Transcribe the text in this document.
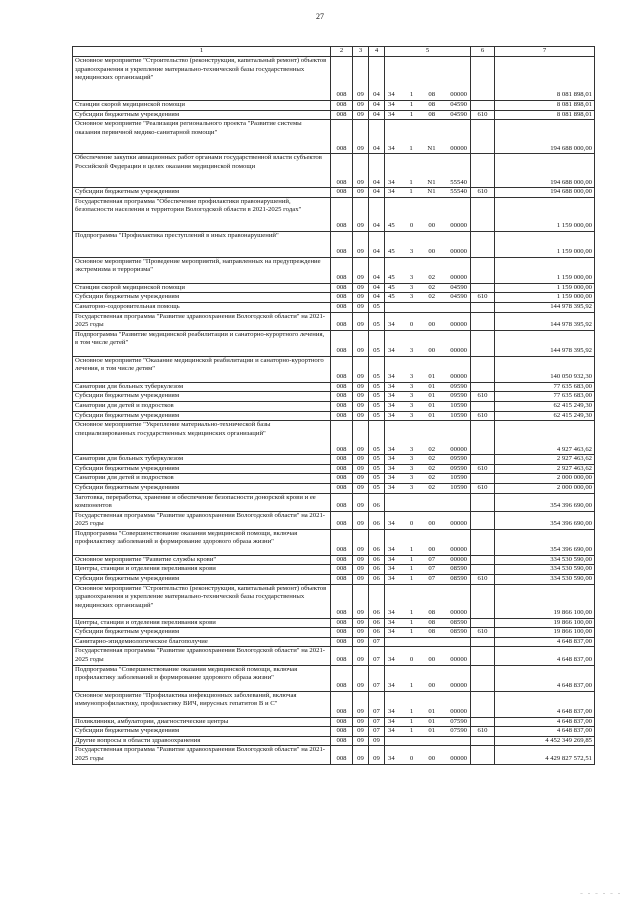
27
1	2	3	4	5	6	7
Основное мероприятие "Строительство (реконструкция, капитальный ремонт) объектов здравоохранения и укрепление материально-технической базы государственных медицинских организаций"	008	09	04	34 1 08 00000		8 081 898,01
Станции скорой медицинской помощи	008	09	04	34 1 08 04590		8 081 898,01
Субсидии бюджетным учреждениям	008	09	04	34 1 08 04590	610	8 081 898,01
Основное мероприятие "Реализация регионального проекта "Развитие системы оказания первичной медико-санитарной помощи"	008	09	04	34 1 N1 00000		194 688 000,00
Обеспечение закупки авиационных работ органами государственной власти субъектов Российской Федерации в целях оказания медицинской помощи	008	09	04	34 1 N1 55540		194 688 000,00
Субсидии бюджетным учреждениям	008	09	04	34 1 N1 55540	610	194 688 000,00
Государственная программа "Обеспечение профилактики правонарушений, безопасности населения и территории Вологодской области в 2021-2025 годах"	008	09	04	45 0 00 00000		1 159 000,00
Подпрограмма "Профилактика преступлений в иных правонарушений"	008	09	04	45 3 00 00000		1 159 000,00
Основное мероприятие "Проведение мероприятий, направленных на предупреждение экстремизма и терроризма"	008	09	04	45 3 02 00000		1 159 000,00
Станции скорой медицинской помощи	008	09	04	45 3 02 04590		1 159 000,00
Субсидии бюджетным учреждениям	008	09	04	45 3 02 04590	610	1 159 000,00
Санаторно-оздоровительная помощь	008	09	05			144 978 395,92
Государственная программа "Развитие здравоохранения Вологодской области" на 2021-2025 годы	008	09	05	34 0 00 00000		144 978 395,92
Подпрограмма "Развитие медицинской реабилитации и санаторно-курортного лечения, в том числе детей"	008	09	05	34 3 00 00000		144 978 395,92
Основное мероприятие "Оказание медицинской реабилитации и санаторно-курортного лечения, в том числе детям"	008	09	05	34 3 01 00000		140 050 932,30
Санатории для больных туберкулезом	008	09	05	34 3 01 09590		77 635 683,00
Субсидии бюджетным учреждениям	008	09	05	34 3 01 09590	610	77 635 683,00
Санатории для детей и подростков	008	09	05	34 3 01 10590		62 415 249,30
Субсидии бюджетным учреждениям	008	09	05	34 3 01 10590	610	62 415 249,30
Основное мероприятие "Укрепление материально-технической базы специализированных государственных медицинских организаций"	008	09	05	34 3 02 00000		4 927 463,62
Санатории для больных туберкулезом	008	09	05	34 3 02 09590		2 927 463,62
Субсидии бюджетным учреждениям	008	09	05	34 3 02 09590	610	2 927 463,62
Санатории для детей и подростков	008	09	05	34 3 02 10590		2 000 000,00
Субсидии бюджетным учреждениям	008	09	05	34 3 02 10590	610	2 000 000,00
Заготовка, переработка, хранение и обеспечение безопасности донорской крови и ее компонентов	008	09	06			354 396 690,00
Государственная программа "Развитие здравоохранения Вологодской области" на 2021-2025 годы	008	09	06	34 0 00 00000		354 396 690,00
Подпрограмма "Совершенствование оказания медицинской помощи, включая профилактику заболеваний и формирование здорового образа жизни"	008	09	06	34 1 00 00000		354 396 690,00
Основное мероприятие "Развитие службы крови"	008	09	06	34 1 07 00000		334 530 590,00
Центры, станции и отделения переливания крови	008	09	06	34 1 07 08590		334 530 590,00
Субсидии бюджетным учреждениям	008	09	06	34 1 07 08590	610	334 530 590,00
Основное мероприятие "Строительство (реконструкция, капитальный ремонт) объектов здравоохранения и укрепление материально-технической базы государственных медицинских организаций"	008	09	06	34 1 08 00000		19 866 100,00
Центры, станции и отделения переливания крови	008	09	06	34 1 08 08590		19 866 100,00
Субсидии бюджетным учреждениям	008	09	06	34 1 08 08590	610	19 866 100,00
Санитарно-эпидемиологическое благополучие	008	09	07			4 648 837,00
Государственная программа "Развитие здравоохранения Вологодской области" на 2021-2025 годы	008	09	07	34 0 00 00000		4 648 837,00
Подпрограмма "Совершенствование оказания медицинской помощи, включая профилактику заболеваний и формирование здорового образа жизни"	008	09	07	34 1 00 00000		4 648 837,00
Основное мероприятие "Профилактика инфекционных заболеваний, включая иммунопрофилактику, профилактику ВИЧ, вирусных гепатитов В и С"	008	09	07	34 1 01 00000		4 648 837,00
Поликлиники, амбулатории, диагностические центры	008	09	07	34 1 01 07590		4 648 837,00
Субсидии бюджетным учреждениям	008	09	07	34 1 01 07590	610	4 648 837,00
Другие вопросы в области здравоохранения	008	09	09			4 452 349 269,85
Государственная программа "Развитие здравоохранения Вологодской области" на 2021-2025 годы	008	09	09	34 0 00 00000		4 429 827 572,51
¨ ¨ ¨ ¨ ¨ ¨
